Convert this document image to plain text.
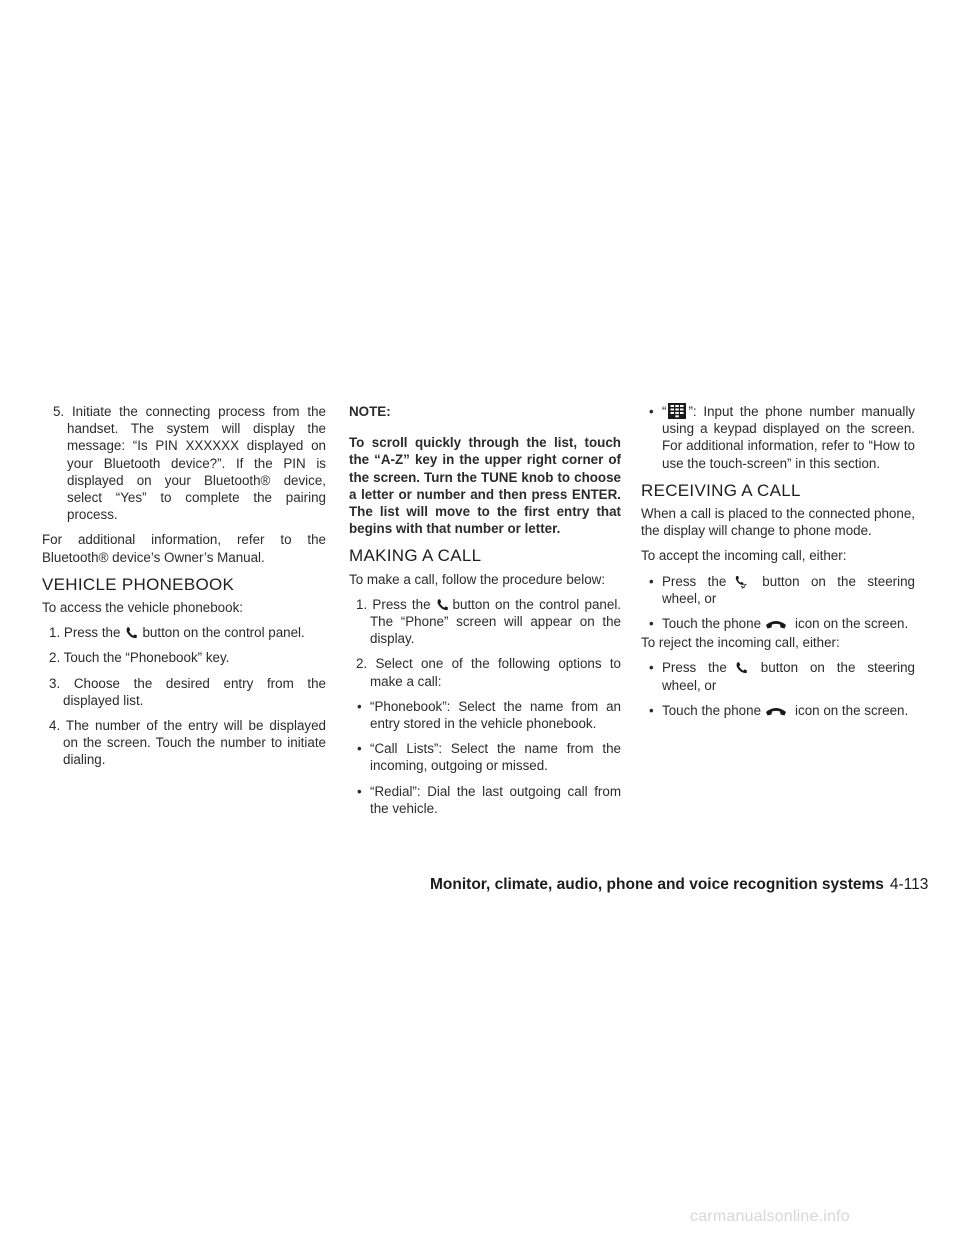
5. Initiate the connecting process from the handset. The system will display the message: “Is PIN XXXXXX displayed on your Bluetooth device?”. If the PIN is displayed on your Bluetooth® device, select “Yes” to complete the pairing process.

For additional information, refer to the Bluetooth® device’s Owner’s Manual.

VEHICLE PHONEBOOK

To access the vehicle phonebook:

1. Press the button on the control panel.

2. Touch the “Phonebook” key.

3. Choose the desired entry from the displayed list.

4. The number of the entry will be displayed on the screen. Touch the number to initiate dialing.

NOTE:

To scroll quickly through the list, touch the “A-Z” key in the upper right corner of the screen. Turn the TUNE knob to choose a letter or number and then press ENTER. The list will move to the first entry that begins with that number or letter.

MAKING A CALL

To make a call, follow the procedure below:

1. Press the button on the control panel. The “Phone” screen will appear on the display.

2. Select one of the following options to make a call:

• “Phonebook”: Select the name from an entry stored in the vehicle phonebook.

• “Call Lists”: Select the name from the incoming, outgoing or missed.

• “Redial”: Dial the last outgoing call from the vehicle.

• “ ”: Input the phone number manually using a keypad displayed on the screen. For additional information, refer to “How to use the touch-screen” in this section.

RECEIVING A CALL

When a call is placed to the connected phone, the display will change to phone mode.

To accept the incoming call, either:

• Press the	button on the steering wheel, or

• Touch the phone	icon on the screen.

To reject the incoming call, either:

• Press the	button on the steering wheel, or

• Touch the phone	icon on the screen.

Monitor, climate, audio, phone and voice recognition systems 4-113
carmanualsonline.info
